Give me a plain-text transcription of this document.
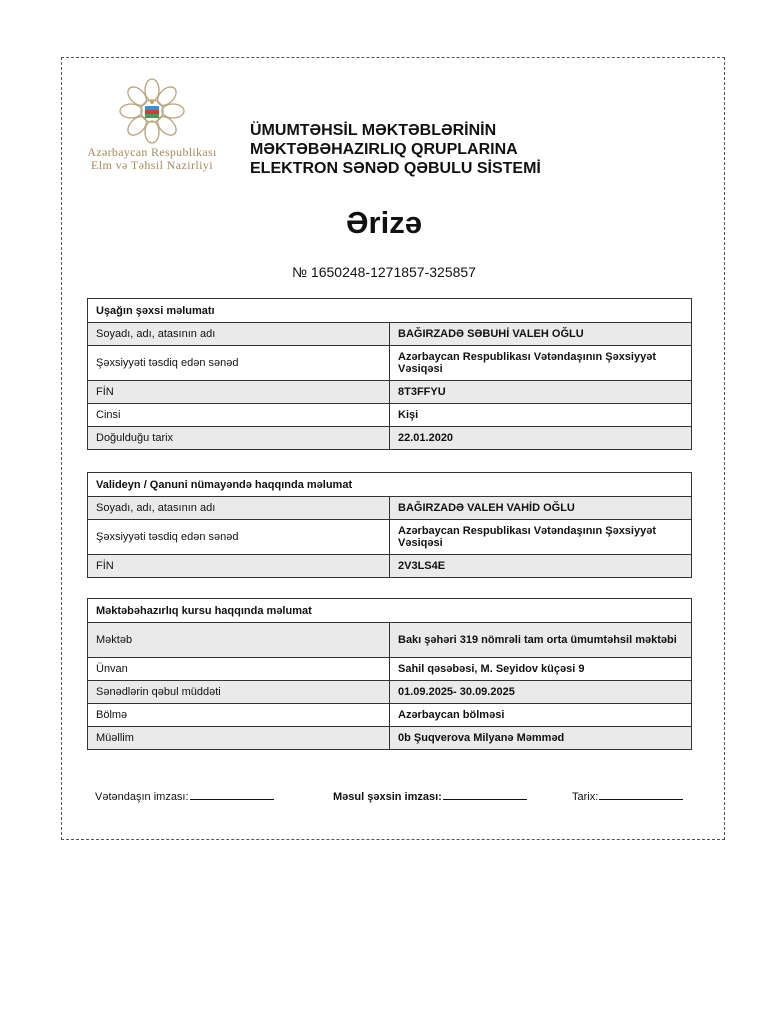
Azərbaycan Respublikası
Elm və Təhsil Nazirliyi
ÜMUMTƏHSİL MƏKTƏBLƏRİNİN
MƏKTƏBƏHAZIRLIQ QRUPLARINA
ELEKTRON SƏNƏD QƏBULU SİSTEMİ
Ərizə
№ 1650248-1271857-325857
Uşağın şəxsi məlumatı	
Soyadı, adı, atasının adı	BAĞIRZADƏ SƏBUHİ VALEH OĞLU
Şəxsiyyəti təsdiq edən sənəd	Azərbaycan Respublikası Vətəndaşının Şəxsiyyət Vəsiqəsi
FİN	8T3FFYU
Cinsi	Kişi
Doğulduğu tarix	22.01.2020
Valideyn / Qanuni nümayəndə haqqında məlumat	
Soyadı, adı, atasının adı	BAĞIRZADƏ VALEH VAHİD OĞLU
Şəxsiyyəti təsdiq edən sənəd	Azərbaycan Respublikası Vətəndaşının Şəxsiyyət Vəsiqəsi
FİN	2V3LS4E
Məktəbəhazırlıq kursu haqqında məlumat	
Məktəb	Bakı şəhəri 319 nömrəli tam orta ümumtəhsil məktəbi
Ünvan	Sahil qəsəbəsi, M. Seyidov küçəsi 9
Sənədlərin qəbul müddəti	01.09.2025- 30.09.2025
Bölmə	Azərbaycan bölməsi
Müəllim	0b Şuqverova Milyanə Məmməd
Vətəndaşın imzası:	Məsul şəxsin imzası:	Tarix:
